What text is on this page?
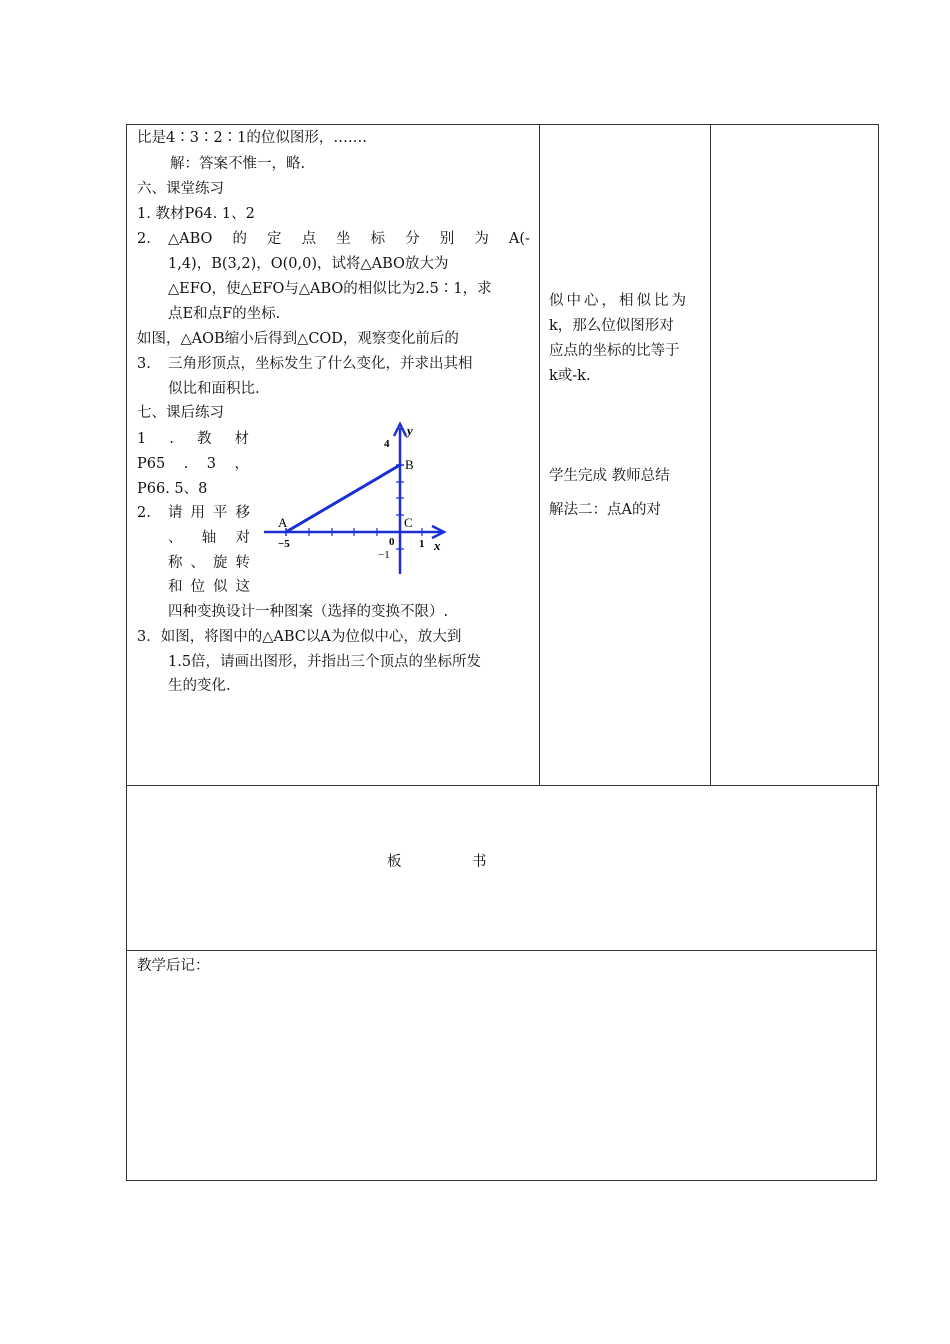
比是4∶3∶2∶1的位似图形，…….
解：答案不惟一，略.
六、课堂练习
1. 教材P64. 1、2
2. △ABO 的 定 点 坐 标 分 别 为 A(-
1,4)，B(3,2)，O(0,0)，试将△ABO放大为
△EFO，使△EFO与△ABO的相似比为2.5∶1，求
点E和点F的坐标.
如图，△AOB缩小后得到△COD，观察变化前后的
3. 三角形顶点，坐标发生了什么变化，并求出其相
似比和面积比.
七、课后练习
1 . 教 材
P65 . 3 ，
P66. 5、8
2. 请 用 平 移
、 轴 对
称 、 旋 转
和 位 似 这
四种变换设计一种图案（选择的变换不限）.
3．如图，将图中的△ABC以A为位似中心，放大到
1.5倍，请画出图形，并指出三个顶点的坐标所发
生的变化.
y
x
4
−1
−5	1
0
A
B
C
似中心，相似比为
k，那么位似图形对
应点的坐标的比等于
k或-k.
学生完成 教师总结
解法二：点A的对
板	书
教学后记：
